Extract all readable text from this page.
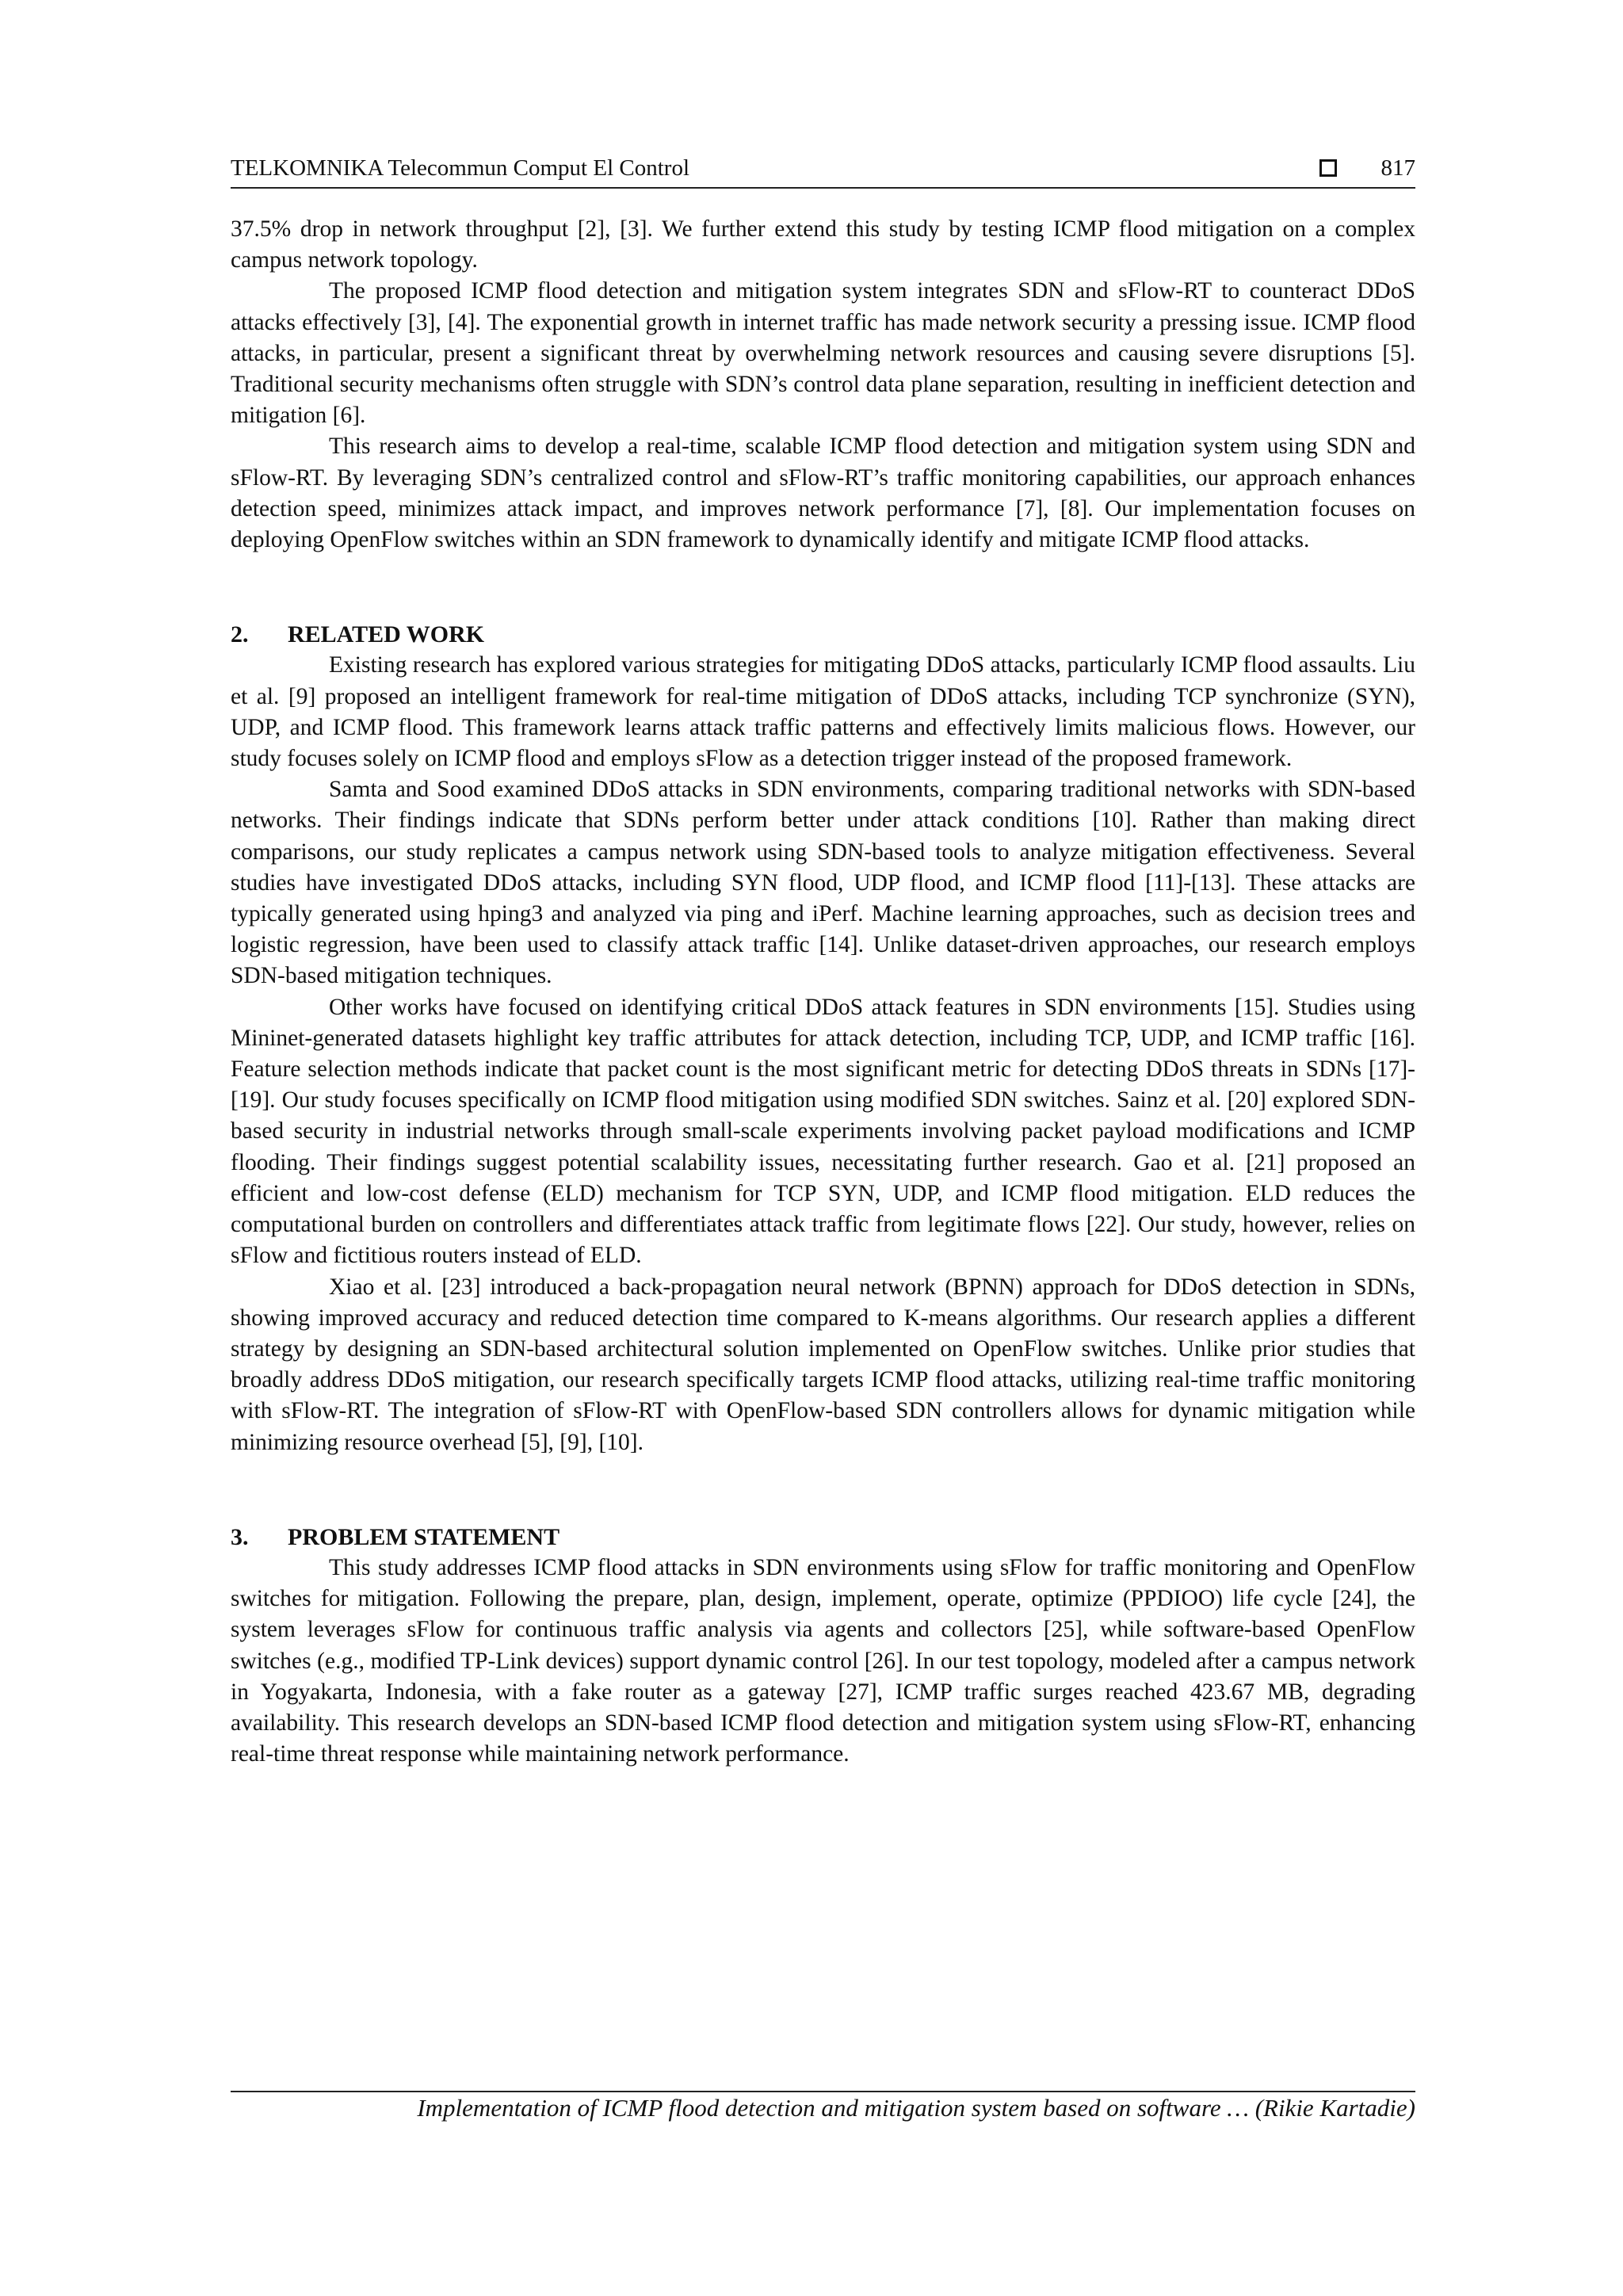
TELKOMNIKA Telecommun Comput El Control	817

37.5% drop in network throughput [2], [3]. We further extend this study by testing ICMP flood mitigation on a complex campus network topology.

The proposed ICMP flood detection and mitigation system integrates SDN and sFlow-RT to counteract DDoS attacks effectively [3], [4]. The exponential growth in internet traffic has made network security a pressing issue. ICMP flood attacks, in particular, present a significant threat by overwhelming network resources and causing severe disruptions [5]. Traditional security mechanisms often struggle with SDN’s control data plane separation, resulting in inefficient detection and mitigation [6].

This research aims to develop a real-time, scalable ICMP flood detection and mitigation system using SDN and sFlow-RT. By leveraging SDN’s centralized control and sFlow-RT’s traffic monitoring capabilities, our approach enhances detection speed, minimizes attack impact, and improves network performance [7], [8]. Our implementation focuses on deploying OpenFlow switches within an SDN framework to dynamically identify and mitigate ICMP flood attacks.

2. RELATED WORK

Existing research has explored various strategies for mitigating DDoS attacks, particularly ICMP flood assaults. Liu et al. [9] proposed an intelligent framework for real-time mitigation of DDoS attacks, including TCP synchronize (SYN), UDP, and ICMP flood. This framework learns attack traffic patterns and effectively limits malicious flows. However, our study focuses solely on ICMP flood and employs sFlow as a detection trigger instead of the proposed framework.

Samta and Sood examined DDoS attacks in SDN environments, comparing traditional networks with SDN-based networks. Their findings indicate that SDNs perform better under attack conditions [10]. Rather than making direct comparisons, our study replicates a campus network using SDN-based tools to analyze mitigation effectiveness. Several studies have investigated DDoS attacks, including SYN flood, UDP flood, and ICMP flood [11]-[13]. These attacks are typically generated using hping3 and analyzed via ping and iPerf. Machine learning approaches, such as decision trees and logistic regression, have been used to classify attack traffic [14]. Unlike dataset-driven approaches, our research employs SDN-based mitigation techniques.

Other works have focused on identifying critical DDoS attack features in SDN environments [15]. Studies using Mininet-generated datasets highlight key traffic attributes for attack detection, including TCP, UDP, and ICMP traffic [16]. Feature selection methods indicate that packet count is the most significant metric for detecting DDoS threats in SDNs [17]-[19]. Our study focuses specifically on ICMP flood mitigation using modified SDN switches. Sainz et al. [20] explored SDN-based security in industrial networks through small-scale experiments involving packet payload modifications and ICMP flooding. Their findings suggest potential scalability issues, necessitating further research. Gao et al. [21] proposed an efficient and low-cost defense (ELD) mechanism for TCP SYN, UDP, and ICMP flood mitigation. ELD reduces the computational burden on controllers and differentiates attack traffic from legitimate flows [22]. Our study, however, relies on sFlow and fictitious routers instead of ELD.

Xiao et al. [23] introduced a back-propagation neural network (BPNN) approach for DDoS detection in SDNs, showing improved accuracy and reduced detection time compared to K-means algorithms. Our research applies a different strategy by designing an SDN-based architectural solution implemented on OpenFlow switches. Unlike prior studies that broadly address DDoS mitigation, our research specifically targets ICMP flood attacks, utilizing real-time traffic monitoring with sFlow-RT. The integration of sFlow-RT with OpenFlow-based SDN controllers allows for dynamic mitigation while minimizing resource overhead [5], [9], [10].

3. PROBLEM STATEMENT

This study addresses ICMP flood attacks in SDN environments using sFlow for traffic monitoring and OpenFlow switches for mitigation. Following the prepare, plan, design, implement, operate, optimize (PPDIOO) life cycle [24], the system leverages sFlow for continuous traffic analysis via agents and collectors [25], while software-based OpenFlow switches (e.g., modified TP-Link devices) support dynamic control [26]. In our test topology, modeled after a campus network in Yogyakarta, Indonesia, with a fake router as a gateway [27], ICMP traffic surges reached 423.67 MB, degrading availability. This research develops an SDN-based ICMP flood detection and mitigation system using sFlow-RT, enhancing real-time threat response while maintaining network performance.

Implementation of ICMP flood detection and mitigation system based on software … (Rikie Kartadie)
